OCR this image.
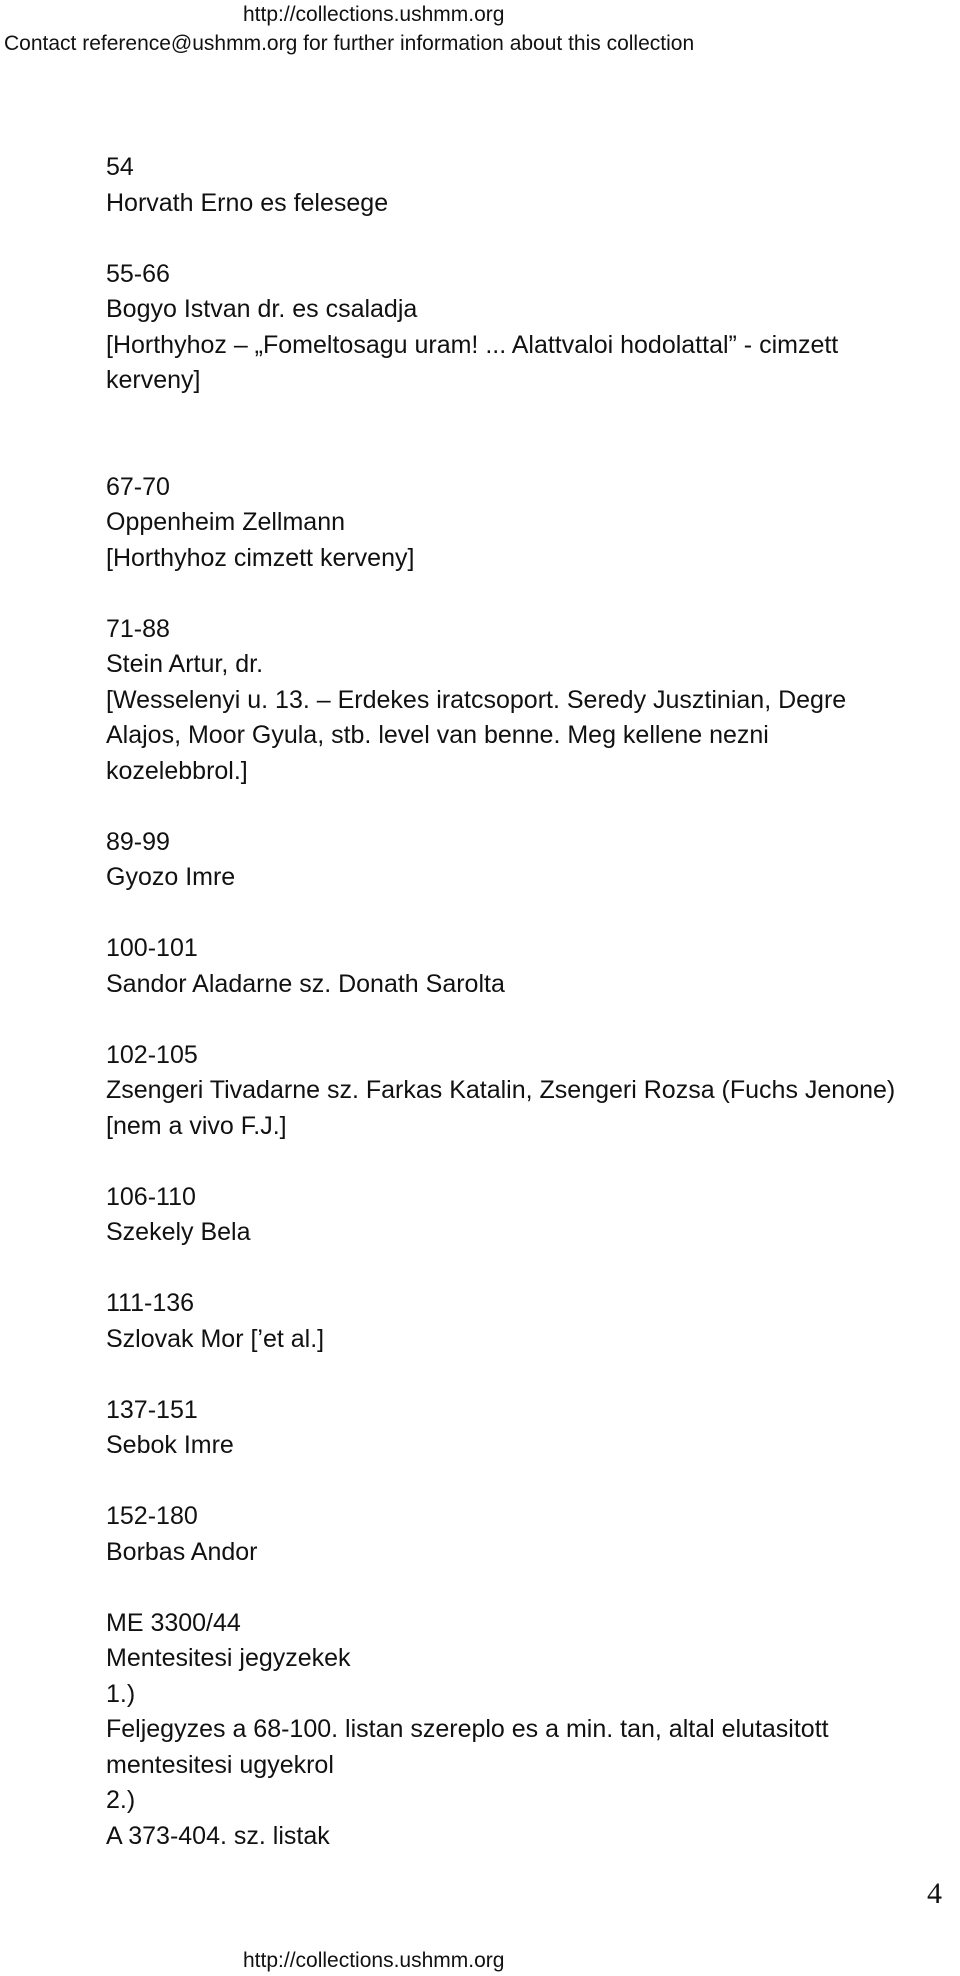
http://collections.ushmm.org
Contact reference@ushmm.org for further information about this collection
54
Horvath Erno es felesege
55-66
Bogyo Istvan dr. es csaladja
[Horthyhoz – „Fomeltosagu uram! ... Alattvaloi hodolattal” - cimzett
kerveny]
67-70
Oppenheim Zellmann
[Horthyhoz cimzett kerveny]
71-88
Stein Artur, dr.
[Wesselenyi u. 13. – Erdekes iratcsoport. Seredy Jusztinian, Degre
Alajos, Moor Gyula, stb. level van benne. Meg kellene nezni
kozelebbrol.]
89-99
Gyozo Imre
100-101
Sandor Aladarne sz. Donath Sarolta
102-105
Zsengeri Tivadarne sz. Farkas Katalin, Zsengeri Rozsa (Fuchs Jenone)
[nem a vivo F.J.]
106-110
Szekely Bela
111-136
Szlovak Mor [’et al.]
137-151
Sebok Imre
152-180
Borbas Andor
ME 3300/44
Mentesitesi jegyzekek
1.)
Feljegyzes a 68-100. listan szereplo es a min. tan, altal elutasitott
mentesitesi ugyekrol
2.)
A 373-404. sz. listak
4
http://collections.ushmm.org
